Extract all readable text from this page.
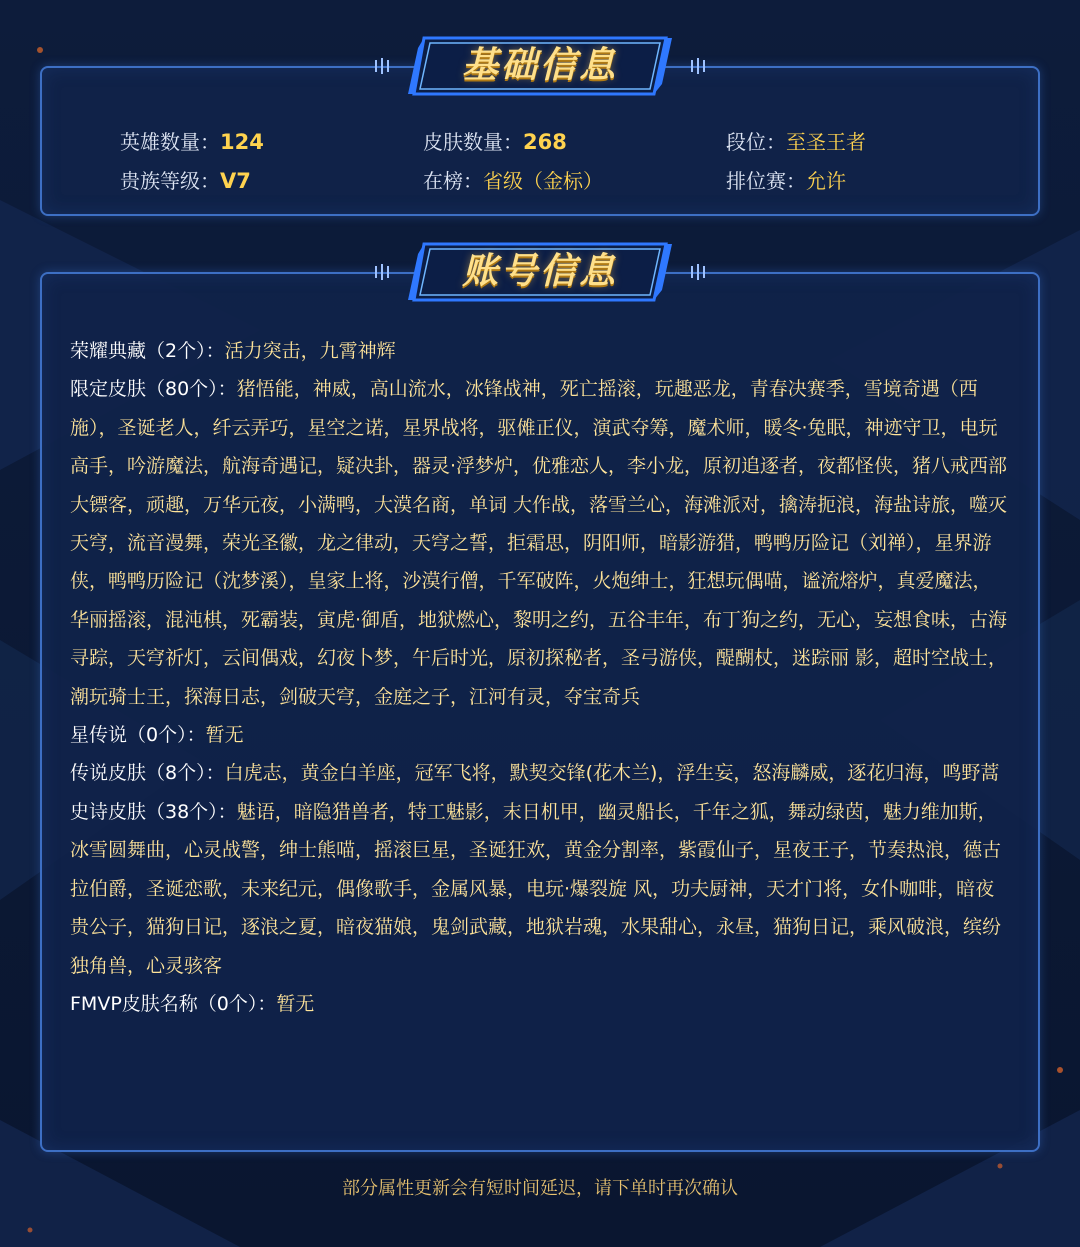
基础信息
英雄数量：124	皮肤数量：268	段位：至圣王者
贵族等级：V7	在榜：省级（金标）	排位赛：允许
账号信息

荣耀典藏（2个）：活力突击，九霄神辉

限定皮肤（80个）：猪悟能，神威，高山流水，冰锋战神，死亡摇滚，玩趣恶龙，青春决赛季，雪境奇遇（西施），圣诞老人，纤云弄巧，星空之诺，星界战将，驱傩正仪，演武夺筹，魔术师，暖冬·兔眠，神迹守卫，电玩高手，吟游魔法，航海奇遇记，疑决卦，器灵·浮梦炉，优雅恋人，李小龙，原初追逐者，夜都怪侠，猪八戒西部大镖客，顽趣，万华元夜，小满鸭，大漠名商，单词 大作战，落雪兰心，海滩派对，擒涛扼浪，海盐诗旅，噬灭天穹，流音漫舞，荣光圣徽，龙之律动，天穹之誓，拒霜思，阴阳师，暗影游猎，鸭鸭历险记（刘禅），星界游侠，鸭鸭历险记（沈梦溪），皇家上将，沙漠行僧，千军破阵，火炮绅士，狂想玩偶喵，谧流熔炉，真爱魔法，华丽摇滚，混沌棋，死霸装，寅虎·御盾，地狱燃心，黎明之约，五谷丰年，布丁狗之约，无心，妄想食味，古海寻踪，天穹祈灯，云间偶戏，幻夜卜梦，午后时光，原初探秘者，圣弓游侠，醍醐杖，迷踪丽 影，超时空战士，潮玩骑士王，探海日志，剑破天穹，金庭之子，江河有灵，夺宝奇兵

星传说（0个）：暂无

传说皮肤（8个）：白虎志，黄金白羊座，冠军飞将，默契交锋(花木兰)，浮生妄，怒海麟威，逐花归海，鸣野蒿

史诗皮肤（38个）：魅语，暗隐猎兽者，特工魅影，末日机甲，幽灵船长，千年之狐，舞动绿茵，魅力维加斯，冰雪圆舞曲，心灵战警，绅士熊喵，摇滚巨星，圣诞狂欢，黄金分割率，紫霞仙子，星夜王子，节奏热浪，德古拉伯爵，圣诞恋歌，未来纪元，偶像歌手，金属风暴，电玩·爆裂旋 风，功夫厨神，天才门将，女仆咖啡，暗夜贵公子，猫狗日记，逐浪之夏，暗夜猫娘，鬼剑武藏，地狱岩魂，水果甜心，永昼，猫狗日记，乘风破浪，缤纷独角兽，心灵骇客

FMVP皮肤名称（0个）：暂无

部分属性更新会有短时间延迟，请下单时再次确认
